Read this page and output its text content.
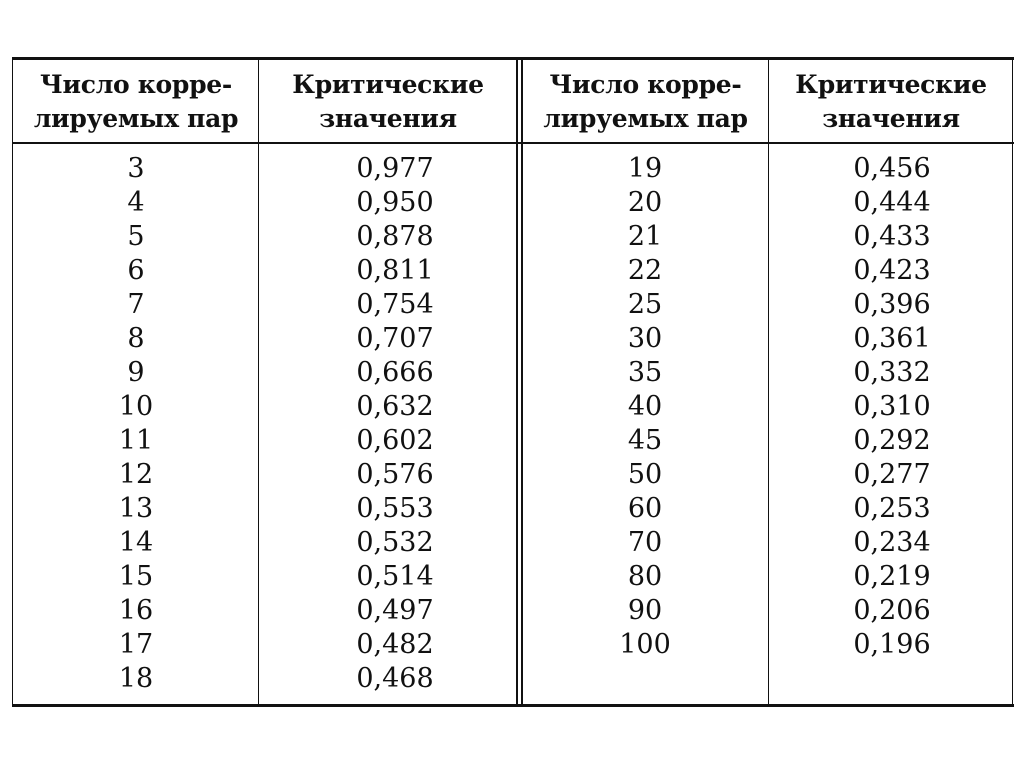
Число корре-
лируемых пар
Критические
значения
Число корре-
лируемых пар
Критические
значения
3
4
5
6
7
8
9
10
11
12
13
14
15
16
17
18
0,977
0,950
0,878
0,811
0,754
0,707
0,666
0,632
0,602
0,576
0,553
0,532
0,514
0,497
0,482
0,468
19
20
21
22
25
30
35
40
45
50
60
70
80
90
100
0,456
0,444
0,433
0,423
0,396
0,361
0,332
0,310
0,292
0,277
0,253
0,234
0,219
0,206
0,196
